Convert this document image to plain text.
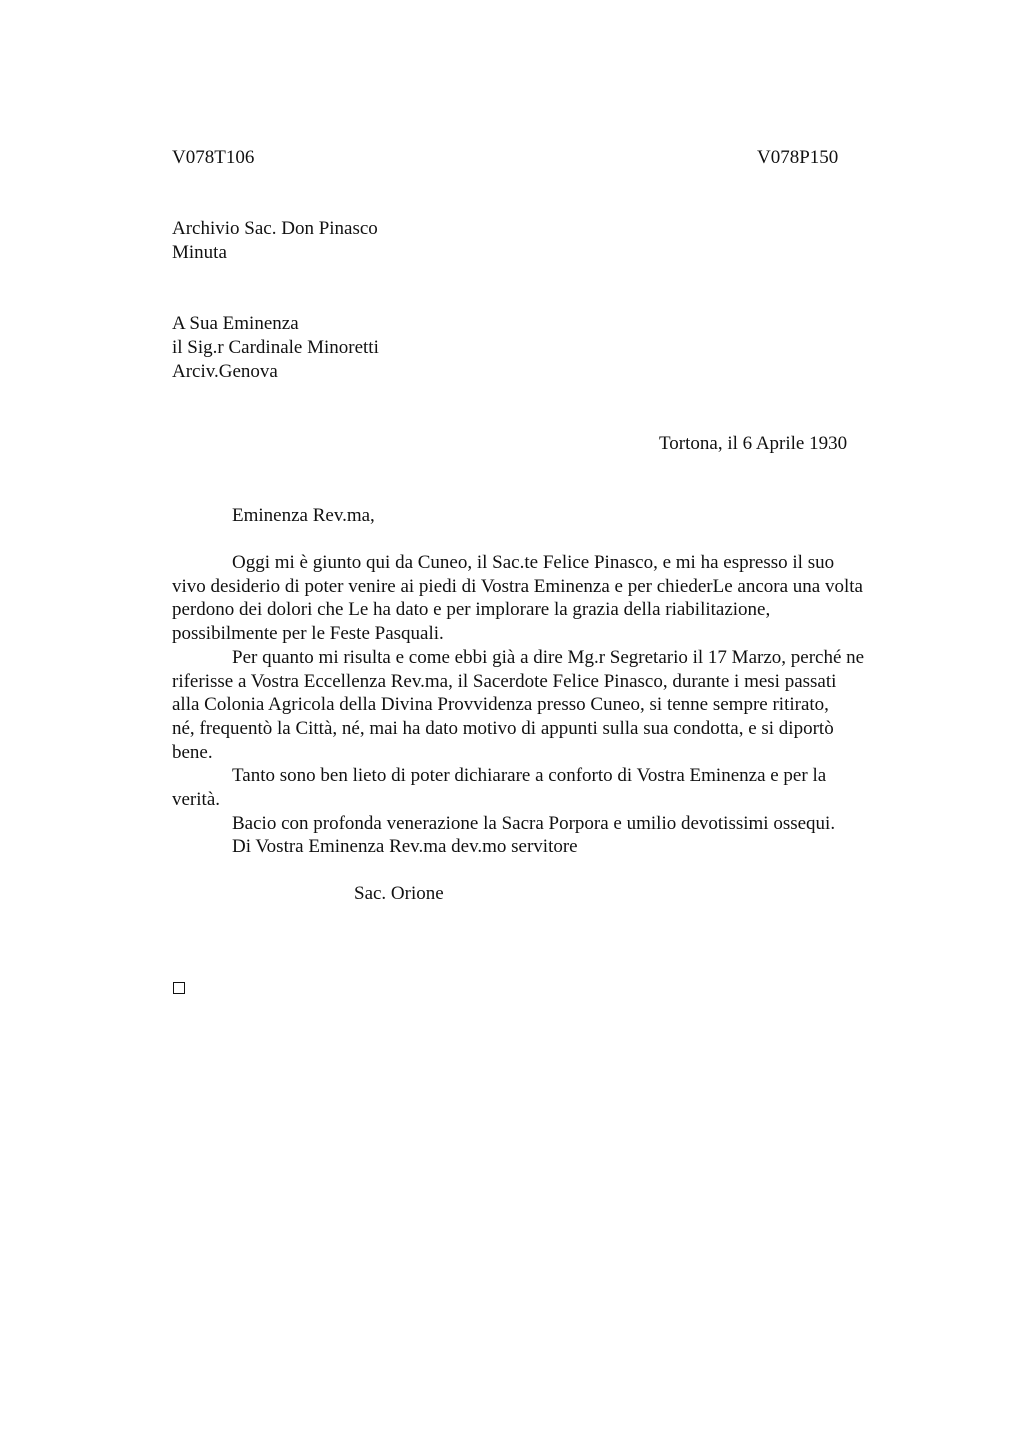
V078T106	V078P150
Archivio Sac. Don Pinasco
Minuta
A Sua Eminenza
il Sig.r Cardinale Minoretti
Arciv.Genova
Tortona, il 6 Aprile 1930
Eminenza Rev.ma,

Oggi mi è giunto qui da Cuneo, il Sac.te Felice Pinasco, e mi ha espresso il suo
vivo desiderio di poter venire ai piedi di Vostra Eminenza e per chiederLe ancora una volta
perdono dei dolori che Le ha dato e per implorare la grazia della riabilitazione,
possibilmente per le Feste Pasquali.

Per quanto mi risulta e come ebbi già a dire Mg.r Segretario il 17 Marzo, perché ne
riferisse a Vostra Eccellenza Rev.ma, il Sacerdote Felice Pinasco, durante i mesi passati
alla Colonia Agricola della Divina Provvidenza presso Cuneo, si tenne sempre ritirato,
né, frequentò la Città, né, mai ha dato motivo di appunti sulla sua condotta, e si diportò
bene.

Tanto sono ben lieto di poter dichiarare a conforto di Vostra Eminenza e per la
verità.

Bacio con profonda venerazione la Sacra Porpora e umilio devotissimi ossequi.

Di Vostra Eminenza Rev.ma dev.mo servitore

Sac. Orione
